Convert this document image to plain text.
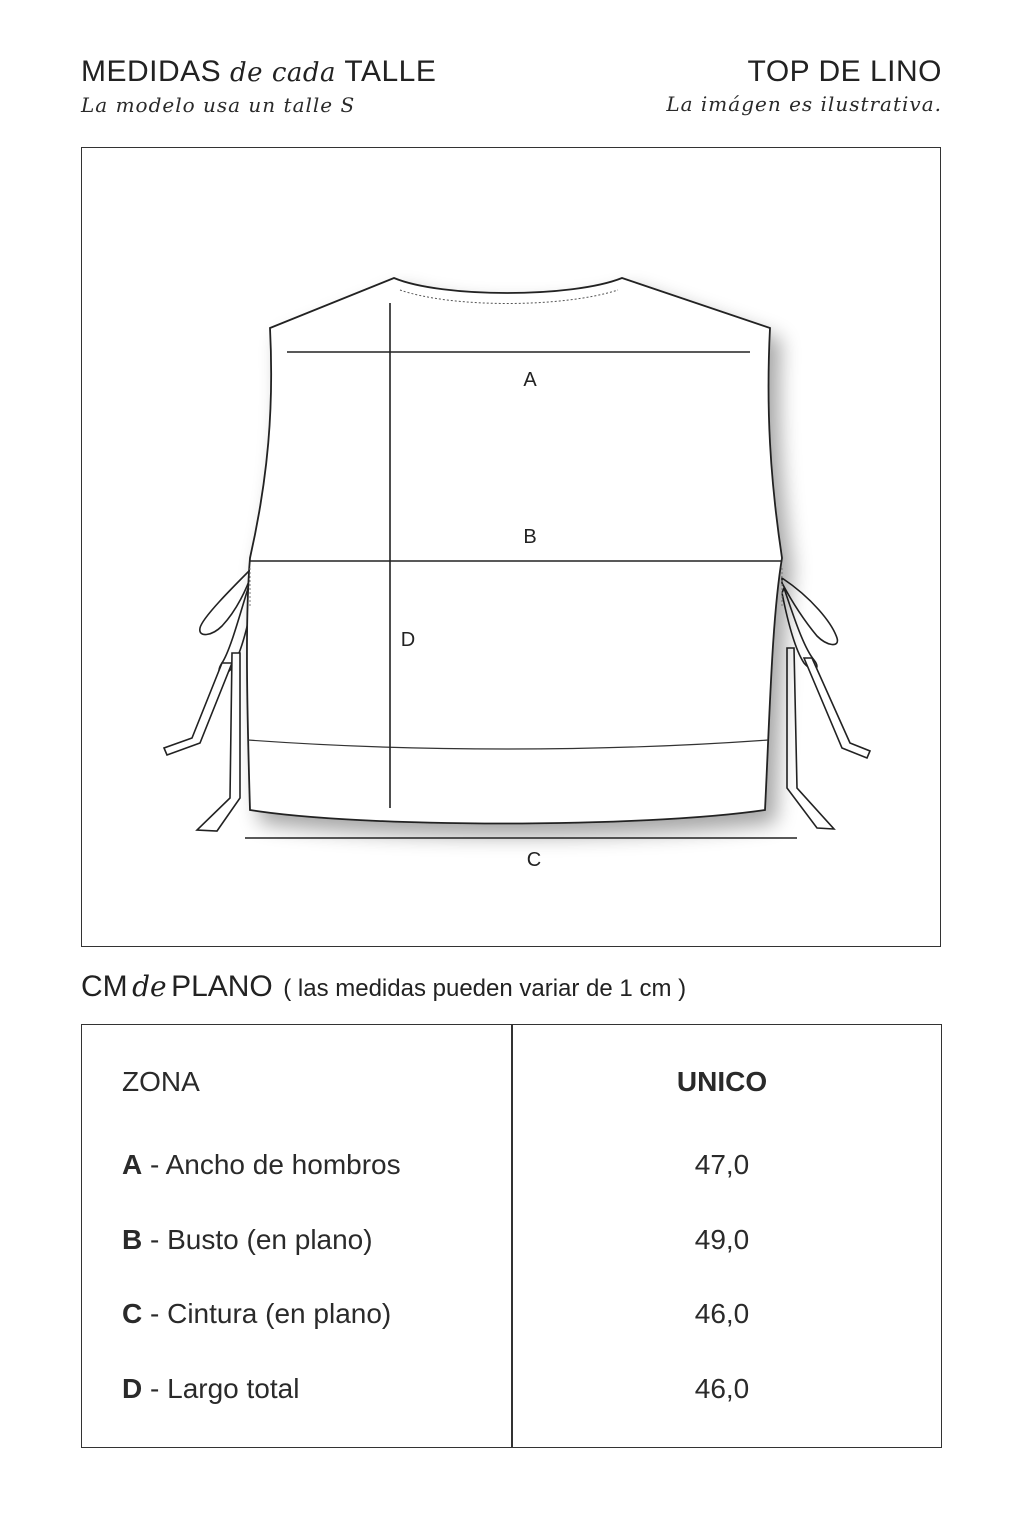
MEDIDAS de cada TALLE
La modelo usa un talle S
TOP DE LINO
La imágen es ilustrativa.
A
B
C
D
CM de PLANO ( las medidas pueden variar de 1 cm )
ZONA	UNICO
A - Ancho de hombros	47,0
B - Busto (en plano)	49,0
C - Cintura (en plano)	46,0
D - Largo total	46,0
